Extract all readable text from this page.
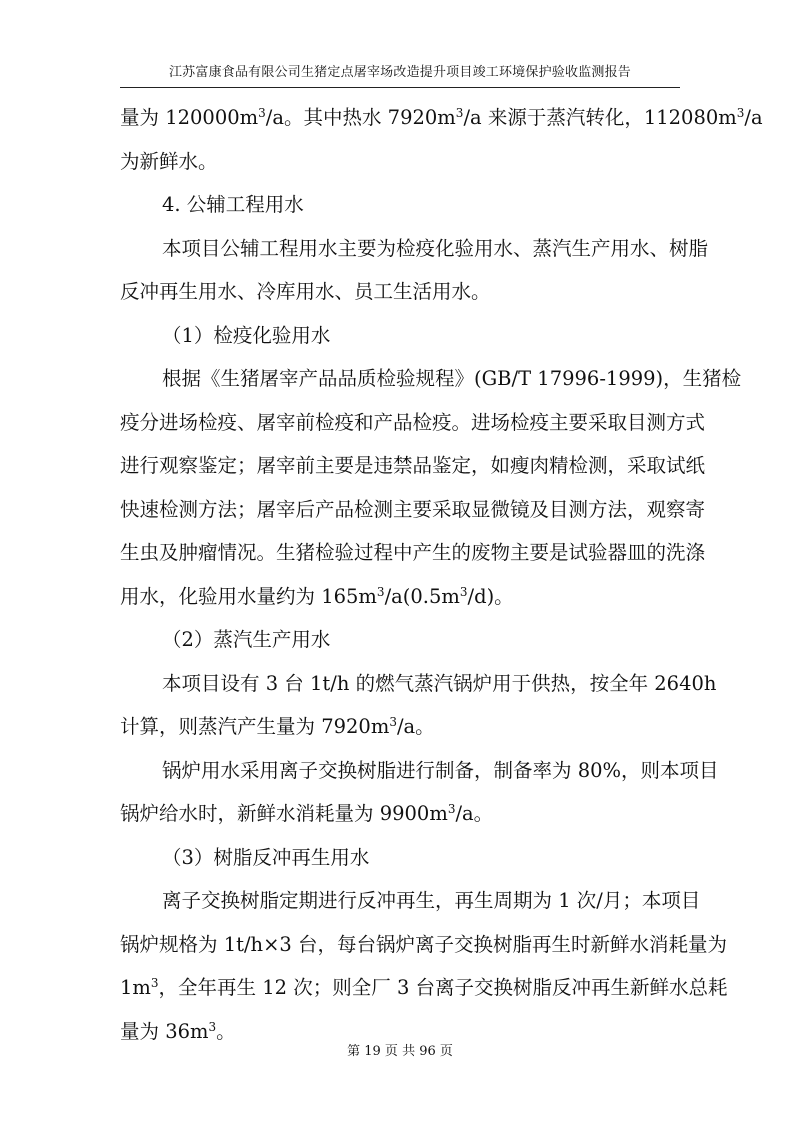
江苏富康食品有限公司生猪定点屠宰场改造提升项目竣工环境保护验收监测报告
量为 $120000m^3/a$。其中热水 $7920m^3/a$ 来源于蒸汽转化，$112080m^3/a$
为新鲜水。
4. 公辅工程用水
本项目公辅工程用水主要为检疫化验用水、蒸汽生产用水、树脂
反冲再生用水、冷库用水、员工生活用水。
（1）检疫化验用水
根据《生猪屠宰产品品质检验规程》(GB/T 17996-1999)，生猪检
疫分进场检疫、屠宰前检疫和产品检疫。进场检疫主要采取目测方式
进行观察鉴定；屠宰前主要是违禁品鉴定，如瘦肉精检测，采取试纸
快速检测方法；屠宰后产品检测主要采取显微镜及目测方法，观察寄
生虫及肿瘤情况。生猪检验过程中产生的废物主要是试验器皿的洗涤
用水，化验用水量约为 $165m^3/a(0.5m^3/d)$。
（2）蒸汽生产用水
本项目设有 3 台 1t/h 的燃气蒸汽锅炉用于供热，按全年 2640h
计算，则蒸汽产生量为 $7920m^3/a$。
锅炉用水采用离子交换树脂进行制备，制备率为 80%，则本项目
锅炉给水时，新鲜水消耗量为 $9900m^3/a$。
（3）树脂反冲再生用水
离子交换树脂定期进行反冲再生，再生周期为 1 次/月；本项目
锅炉规格为 1t/h×3 台，每台锅炉离子交换树脂再生时新鲜水消耗量为
$1m^3$，全年再生 12 次；则全厂 3 台离子交换树脂反冲再生新鲜水总耗
量为 $36m^3$。
第 19 页 共 96 页
